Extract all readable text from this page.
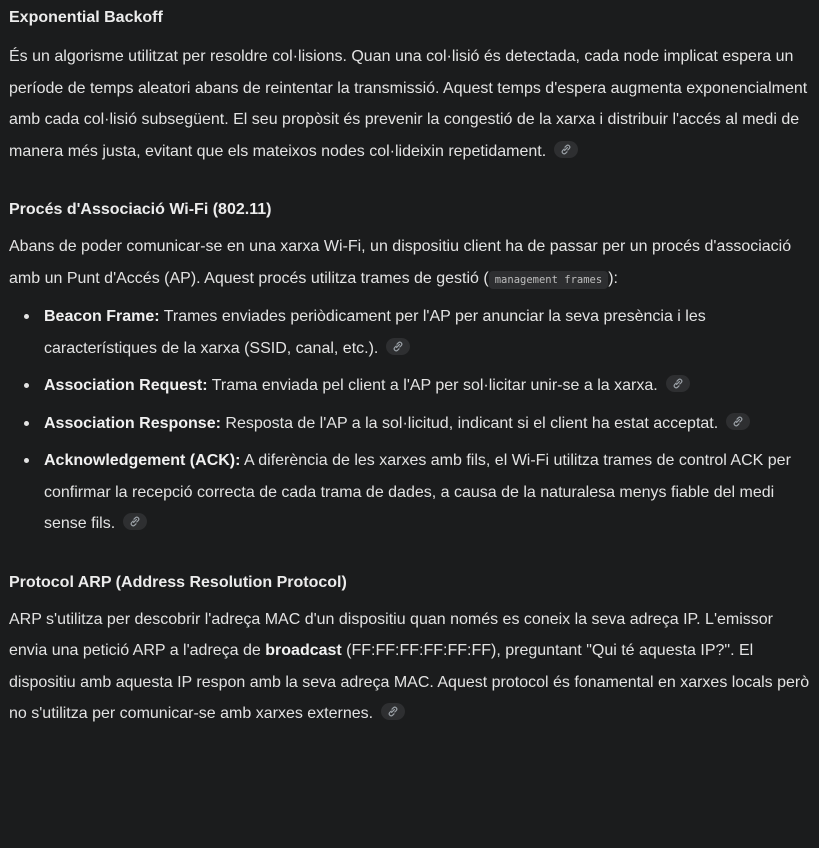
Exponential Backoff

És un algorisme utilitzat per resoldre col·lisions. Quan una col·lisió és detectada, cada node implicat espera un període de temps aleatori abans de reintentar la transmissió. Aquest temps d'espera augmenta exponencialment amb cada col·lisió subsegüent. El seu propòsit és prevenir la congestió de la xarxa i distribuir l'accés al medi de manera més justa, evitant que els mateixos nodes col·lideixin repetidament.

Procés d'Associació Wi-Fi (802.11)

Abans de poder comunicar-se en una xarxa Wi-Fi, un dispositiu client ha de passar per un procés d'associació amb un Punt d'Accés (AP). Aquest procés utilitza trames de gestió ( management frames ):

Beacon Frame: Trames enviades periòdicament per l'AP per anunciar la seva presència i les característiques de la xarxa (SSID, canal, etc.).
Association Request: Trama enviada pel client a l'AP per sol·licitar unir-se a la xarxa.
Association Response: Resposta de l'AP a la sol·licitud, indicant si el client ha estat acceptat.
Acknowledgement (ACK): A diferència de les xarxes amb fils, el Wi-Fi utilitza trames de control ACK per confirmar la recepció correcta de cada trama de dades, a causa de la naturalesa menys fiable del medi sense fils.
Protocol ARP (Address Resolution Protocol)

ARP s'utilitza per descobrir l'adreça MAC d'un dispositiu quan només es coneix la seva adreça IP. L'emissor envia una petició ARP a l'adreça de broadcast (FF:FF:FF:FF:FF:FF), preguntant "Qui té aquesta IP?". El dispositiu amb aquesta IP respon amb la seva adreça MAC. Aquest protocol és fonamental en xarxes locals però no s'utilitza per comunicar-se amb xarxes externes.
